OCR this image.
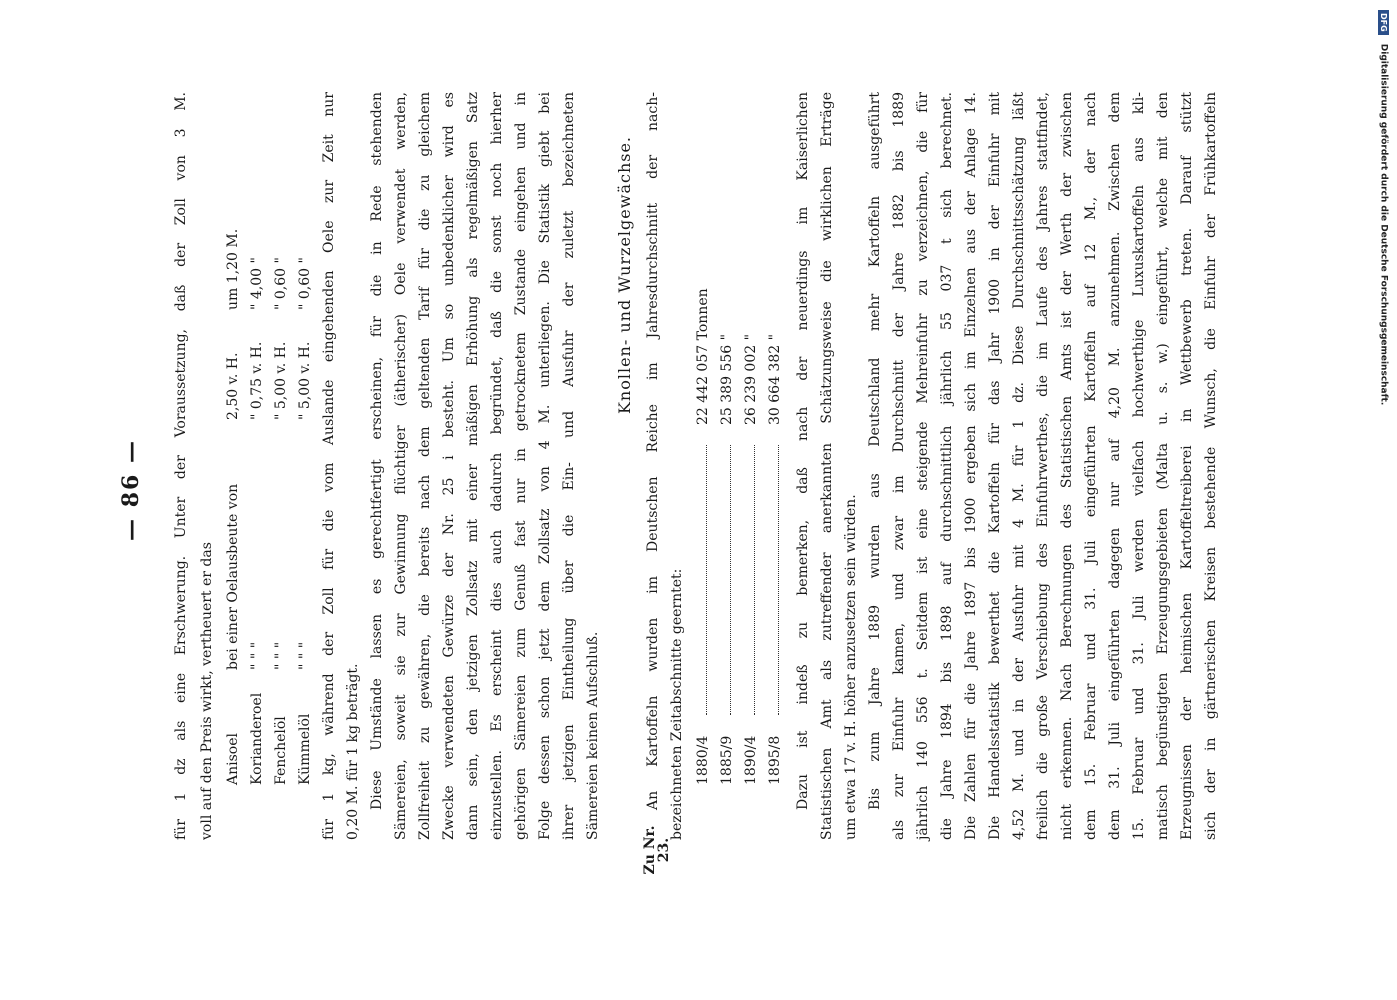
— 86 —
Zu Nr. 23.
für 1 dz als eine Erschwerung. Unter der Voraussetzung, daß der Zoll von 3 M. voll auf den Preis wirkt, vertheuert er das Anisoel Korianderoel Fenchelöl Kümmelöl
bei einer Oelausbeute von " " " " " " " " "
2,50 v. H. " 0,75 v. H. " 5,00 v. H. " 5,00 v. H.
um 1,20 M. " 4,00 " " 0,60 " " 0,60 " für 1 kg, während der Zoll für die vom Auslande eingehenden Oele zur Zeit nur 0,20 M. für 1 kg beträgt. Diese Umstände lassen es gerechtfertigt erscheinen, für die in Rede stehenden Sämereien, soweit sie zur Gewinnung flüchtiger (ätherischer) Oele verwendet werden, Zollfreiheit zu gewähren, die bereits nach dem geltenden Tarif für die zu gleichem Zwecke verwendeten Gewürze der Nr. 25 i besteht. Um so unbedenklicher wird es dann sein, den jetzigen Zollsatz mit einer mäßigen Erhöhung als regelmäßigen Satz einzustellen. Es erscheint dies auch dadurch begründet, daß die sonst noch hierher gehörigen Sämereien zum Genuß fast nur in getrocknetem Zustande eingehen und in Folge dessen schon jetzt dem Zollsatz von 4 M. unterliegen. Die Statistik giebt bei ihrer jetzigen Eintheilung über die Ein- und Ausfuhr der zuletzt bezeichneten Sämereien keinen Aufschluß.
Knollen- und Wurzelgewächse. An Kartoffeln wurden im Deutschen Reiche im Jahresdurchschnitt der nach- bezeichneten Zeitabschnitte geerntet: 1880/4
22 442 057 Tonnen
1885/9
25 389 556 "
1890/4
26 239 002 "
1895/8
30 664 382 " Dazu ist indeß zu bemerken, daß nach der neuerdings im Kaiserlichen Statistischen Amt als zutreffender anerkannten Schätzungsweise die wirklichen Erträge um etwa 17 v. H. höher anzusetzen sein würden. Bis zum Jahre 1889 wurden aus Deutschland mehr Kartoffeln ausgeführt als zur Einfuhr kamen, und zwar im Durchschnitt der Jahre 1882 bis 1889 jährlich 140 556 t. Seitdem ist eine steigende Mehreinfuhr zu verzeichnen, die für die Jahre 1894 bis 1898 auf durchschnittlich jährlich 55 037 t sich berechnet. Die Zahlen für die Jahre 1897 bis 1900 ergeben sich im Einzelnen aus der Anlage 14. Die Handelsstatistik bewerthet die Kartoffeln für das Jahr 1900 in der Einfuhr mit 4,52 M. und in der Ausfuhr mit 4 M. für 1 dz. Diese Durchschnittsschätzung läßt freilich die große Verschiebung des Einfuhrwerthes, die im Laufe des Jahres stattfindet, nicht erkennen. Nach Berechnungen des Statistischen Amts ist der Werth der zwischen dem 15. Februar und 31. Juli eingeführten Kartoffeln auf 12 M., der nach dem 31. Juli eingeführten dagegen nur auf 4,20 M. anzunehmen. Zwischen dem 15. Februar und 31. Juli werden vielfach hochwerthige Luxuskartoffeln aus kli- matisch begünstigten Erzeugungsgebieten (Malta u. s. w.) eingeführt, welche mit den Erzeugnissen der heimischen Kartoffeltreiberei in Wettbewerb treten. Darauf stützt sich der in gärtnerischen Kreisen bestehende Wunsch, die Einfuhr der Frühkartoffeln
DFG Digitalisierung gefördert durch die Deutsche Forschungsgemeinschaft.
